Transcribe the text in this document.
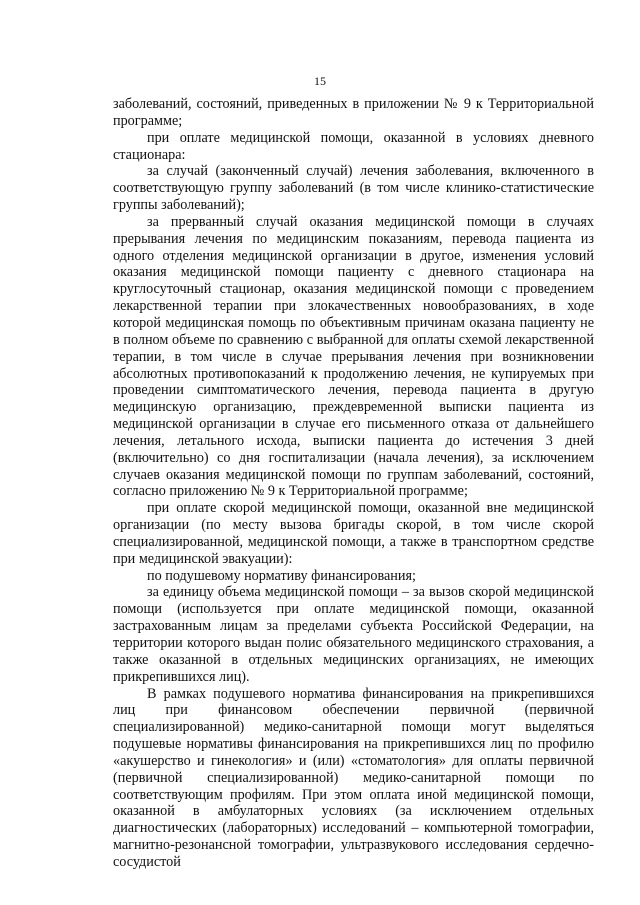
15

заболеваний, состояний, приведенных в приложении № 9 к Территориальной программе;

при оплате медицинской помощи, оказанной в условиях дневного стационара:

за случай (законченный случай) лечения заболевания, включенного в соответствующую группу заболеваний (в том числе клинико-статистические группы заболеваний);

за прерванный случай оказания медицинской помощи в случаях прерывания лечения по медицинским показаниям, перевода пациента из одного отделения медицинской организации в другое, изменения условий оказания медицинской помощи пациенту с дневного стационара на круглосуточный стационар, оказания медицинской помощи с проведением лекарственной терапии при злокачественных новообразованиях, в ходе которой медицинская помощь по объективным причинам оказана пациенту не в полном объеме по сравнению с выбранной для оплаты схемой лекарственной терапии, в том числе в случае прерывания лечения при возникновении абсолютных противопоказаний к продолжению лечения, не купируемых при проведении симптоматического лечения, перевода пациента в другую медицинскую организацию, преждевременной выписки пациента из медицинской организации в случае его письменного отказа от дальнейшего лечения, летального исхода, выписки пациента до истечения 3 дней (включительно) со дня госпитализации (начала лечения), за исключением случаев оказания медицинской помощи по группам заболеваний, состояний, согласно приложению № 9 к Территориальной программе;

при оплате скорой медицинской помощи, оказанной вне медицинской организации (по месту вызова бригады скорой, в том числе скорой специализированной, медицинской помощи, а также в транспортном средстве при медицинской эвакуации):

по подушевому нормативу финансирования;

за единицу объема медицинской помощи – за вызов скорой медицинской помощи (используется при оплате медицинской помощи, оказанной застрахованным лицам за пределами субъекта Российской Федерации, на территории которого выдан полис обязательного медицинского страхования, а также оказанной в отдельных медицинских организациях, не имеющих прикрепившихся лиц).

В рамках подушевого норматива финансирования на прикрепившихся лиц при финансовом обеспечении первичной (первичной специализированной) медико-санитарной помощи могут выделяться подушевые нормативы финансирования на прикрепившихся лиц по профилю «акушерство и гинекология» и (или) «стоматология» для оплаты первичной (первичной специализированной) медико-санитарной помощи по соответствующим профилям. При этом оплата иной медицинской помощи, оказанной в амбулаторных условиях (за исключением отдельных диагностических (лабораторных) исследований – компьютерной томографии, магнитно-резонансной томографии, ультразвукового исследования сердечно-сосудистой
